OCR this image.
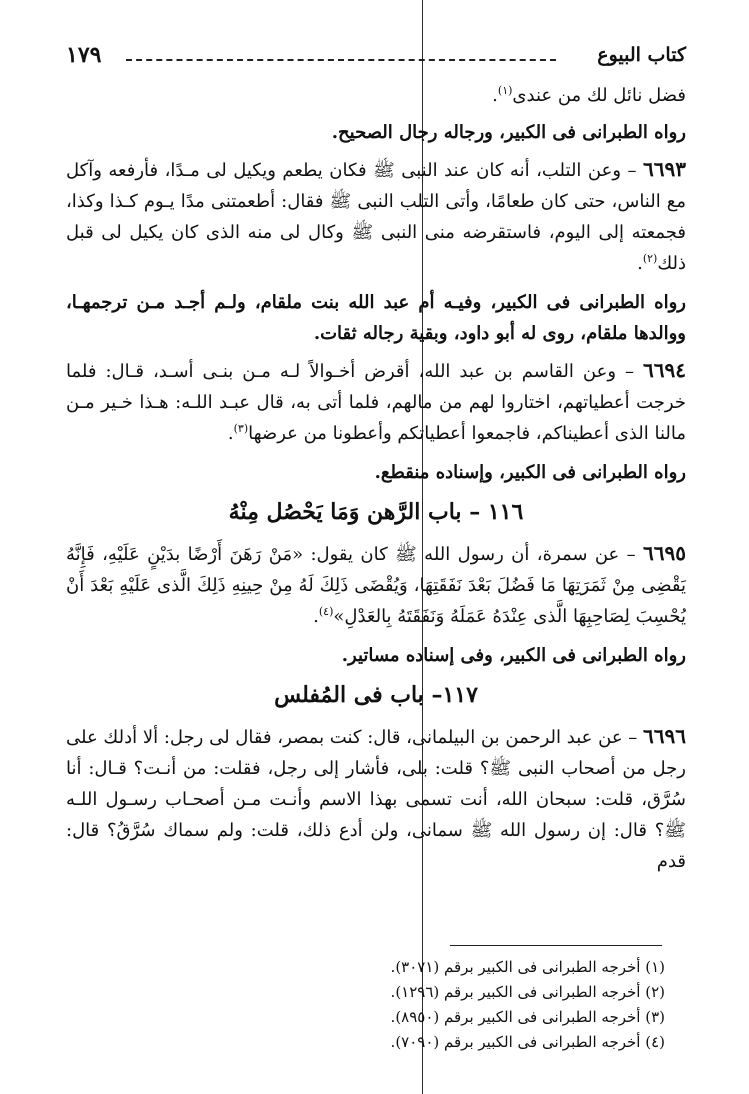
١٧٩	كتاب البيوع

فضل نائل لك من عندى$^{(١)}$.

رواه الطبرانى فى الكبير، ورجاله رجال الصحيح.

٦٦٩٣ – وعن التلب، أنه كان عند النبى ﷺ فكان يطعم ويكيل لى مـدًا، فأرفعه وآكل مع الناس، حتى كان طعامًا، وأتى التلب النبى ﷺ فقال: أطعمتنى مدًا يـوم كـذا وكذا، فجمعته إلى اليوم، فاستقرضه منى النبى ﷺ وكال لى منه الذى كان يكيل لى قبل ذلك$^{(٢)}$.

رواه الطبرانى فى الكبير، وفيـه أم عبد الله بنت ملقام، ولـم أجـد مـن ترجمهـا، ووالدها ملقام، روى له أبو داود، وبقية رجاله ثقات.

٦٦٩٤ – وعن القاسم بن عبد الله، أقرض أخـوالاً لـه مـن بنـى أسـد، قـال: فلما خرجت أعطياتهم، اختاروا لهم من مالهم، فلما أتى به، قال عبـد اللـه: هـذا خـير مـن مالنا الذى أعطيناكم، فاجمعوا أعطياتكم وأعطونا من عرضها$^{(٣)}$.

رواه الطبرانى فى الكبير، وإسناده منقطع.

١١٦ – باب الرَّهن وَمَا يَحْصُل مِنْهُ

٦٦٩٥ – عن سمرة، أن رسول الله ﷺ كان يقول: «مَنْ رَهَنَ أَرْضًا بدَيْنٍ عَلَيْهِ، فَإِنَّهُ يَقْضِى مِنْ ثَمَرَتِهَا مَا فَضُلَ بَعْدَ نَفَقَتِهَا، وَيُقْضَى ذَلِكَ لَهُ مِنْ حِينِهِ ذَلِكَ الَّذى عَلَيْهِ بَعْدَ أَنْ يُحْسِبَ لِصَاحِبِهَا الَّذى عِنْدَهُ عَمَلَهُ وَنَفَقَتَهُ بِالعَدْلِ»$^{(٤)}$.

رواه الطبرانى فى الكبير، وفى إسناده مساتير.

١١٧– باب فى المُفلس

٦٦٩٦ – عن عبد الرحمن بن البيلمانى، قال: كنت بمصر، فقال لى رجل: ألا أدلك على رجل من أصحاب النبى ﷺ؟ قلت: بلى، فأشار إلى رجل، فقلت: من أنـت؟ قـال: أنا سُرَّق، قلت: سبحان الله، أنت تسمى بهذا الاسم وأنـت مـن أصحـاب رسـول اللـه ﷺ؟ قال: إن رسول الله ﷺ سمانى، ولن أدع ذلك، قلت: ولم سماك سُرَّقُ؟ قال: قدم

(١) أخرجه الطبرانى فى الكبير برقم (٣٠٧١).
(٢) أخرجه الطبرانى فى الكبير برقم (١٢٩٦).
(٣) أخرجه الطبرانى فى الكبير برقم (٨٩٥٠).
(٤) أخرجه الطبرانى فى الكبير برقم (٧٠٩٠).
